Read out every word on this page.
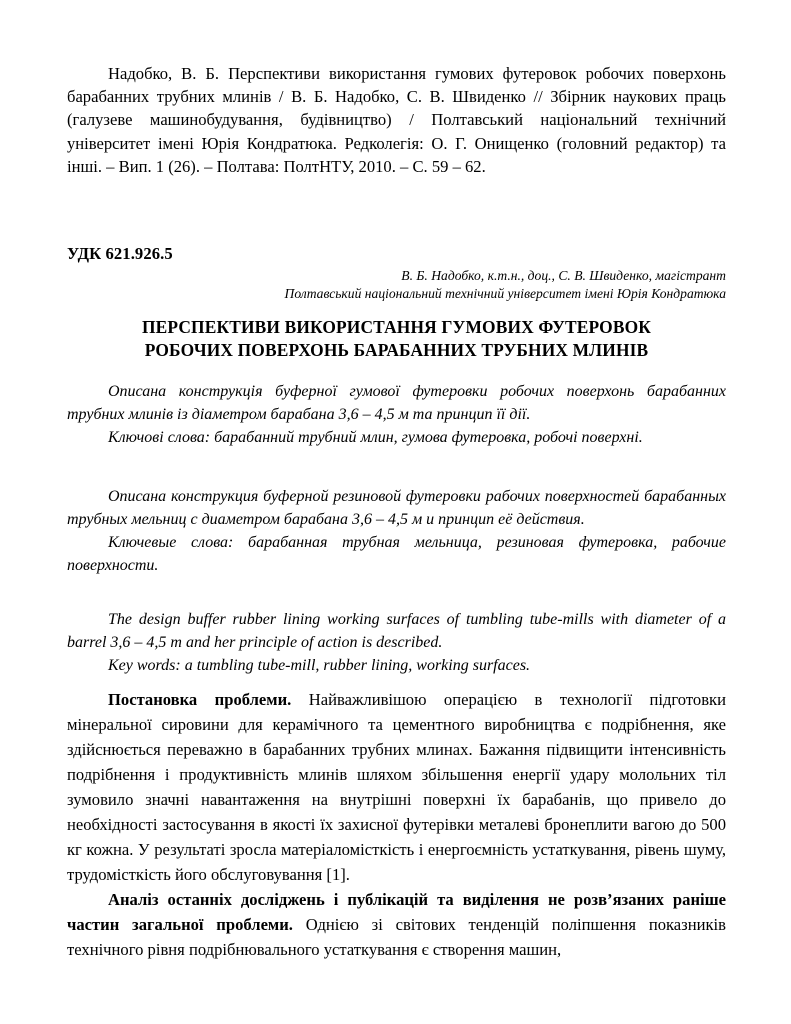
Надобко, В. Б. Перспективи використання гумових футеровок робочих поверхонь барабанних трубних млинів / В. Б. Надобко, С. В. Швиденко // Збірник наукових праць (галузеве машинобудування, будівництво) / Полтавський національний технічний університет імені Юрія Кондратюка. Редколегія: О. Г. Онищенко (головний редактор) та інші. – Вип. 1 (26). – Полтава: ПолтНТУ, 2010. – С. 59 – 62.

УДК 621.926.5

В. Б. Надобко, к.т.н., доц., С. В. Швиденко, магістрант

Полтавський національний технічний університет імені Юрія Кондратюка

ПЕРСПЕКТИВИ ВИКОРИСТАННЯ ГУМОВИХ ФУТЕРОВОК

РОБОЧИХ ПОВЕРХОНЬ БАРАБАННИХ ТРУБНИХ МЛИНІВ

Описана конструкція буферної гумової футеровки робочих поверхонь барабанних трубних млинів із діаметром барабана 3,6 – 4,5 м та принцип її дії.

Ключові слова: барабанний трубний млин, гумова футеровка, робочі поверхні.

Описана конструкция буферной резиновой футеровки рабочих поверхностей барабанных трубных мельниц с диаметром барабана 3,6 – 4,5 м и принцип её действия.

Ключевые слова: барабанная трубная мельница, резиновая футеровка, рабочие поверхности.

The design buffer rubber lining working surfaces of tumbling tube-mills with diameter of a barrel 3,6 – 4,5 m and her principle of action is described.

Key words: a tumbling tube-mill, rubber lining, working surfaces.

Постановка проблеми. Найважливішою операцією в технології підготовки мінеральної сировини для керамічного та цементного виробництва є подрібнення, яке здійснюється переважно в барабанних трубних млинах. Бажання підвищити інтенсивність подрібнення і продуктивність млинів шляхом збільшення енергії удару молольних тіл зумовило значні навантаження на внутрішні поверхні їх барабанів, що привело до необхідності застосування в якості їх захисної футерівки металеві бронеплити вагою до 500 кг кожна. У результаті зросла матеріаломісткість і енергоємність устаткування, рівень шуму, трудомісткість його обслуговування [1].

Аналіз останніх досліджень і публікацій та виділення не розв’язаних раніше частин загальної проблеми. Однією зі світових тенденцій поліпшення показників технічного рівня подрібнювального устаткування є створення машин,
